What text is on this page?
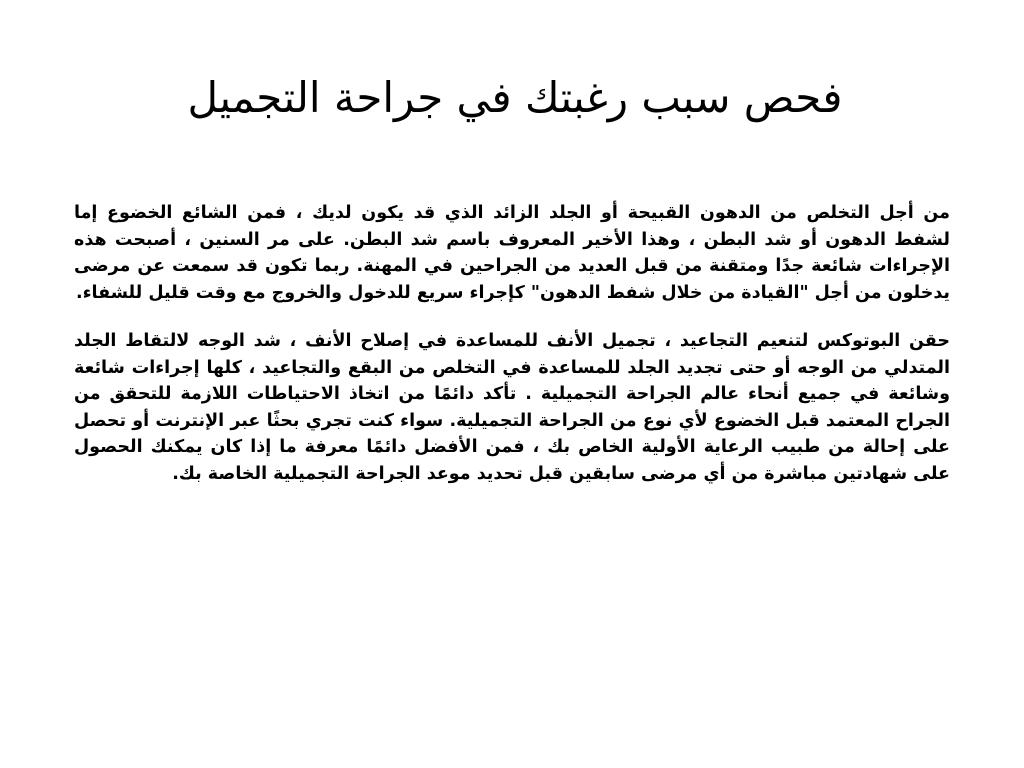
فحص سبب رغبتك في جراحة التجميل

من أجل التخلص من الدهون القبيحة أو الجلد الزائد الذي قد يكون لديك ، فمن الشائع الخضوع إما لشفط الدهون أو شد البطن ، وهذا الأخير المعروف باسم شد البطن. على مر السنين ، أصبحت هذه الإجراءات شائعة جدًا ومتقنة من قبل العديد من الجراحين في المهنة. ربما تكون قد سمعت عن مرضى يدخلون من أجل "القيادة من خلال شفط الدهون" كإجراء سريع للدخول والخروج مع وقت قليل للشفاء.

حقن البوتوكس لتنعيم التجاعيد ، تجميل الأنف للمساعدة في إصلاح الأنف ، شد الوجه لالتقاط الجلد المتدلي من الوجه أو حتى تجديد الجلد للمساعدة في التخلص من البقع والتجاعيد ، كلها إجراءات شائعة وشائعة في جميع أنحاء عالم الجراحة التجميلية . تأكد دائمًا من اتخاذ الاحتياطات اللازمة للتحقق من الجراح المعتمد قبل الخضوع لأي نوع من الجراحة التجميلية. سواء كنت تجري بحثًا عبر الإنترنت أو تحصل على إحالة من طبيب الرعاية الأولية الخاص بك ، فمن الأفضل دائمًا معرفة ما إذا كان يمكنك الحصول على شهادتين مباشرة من أي مرضى سابقين قبل تحديد موعد الجراحة التجميلية الخاصة بك.
